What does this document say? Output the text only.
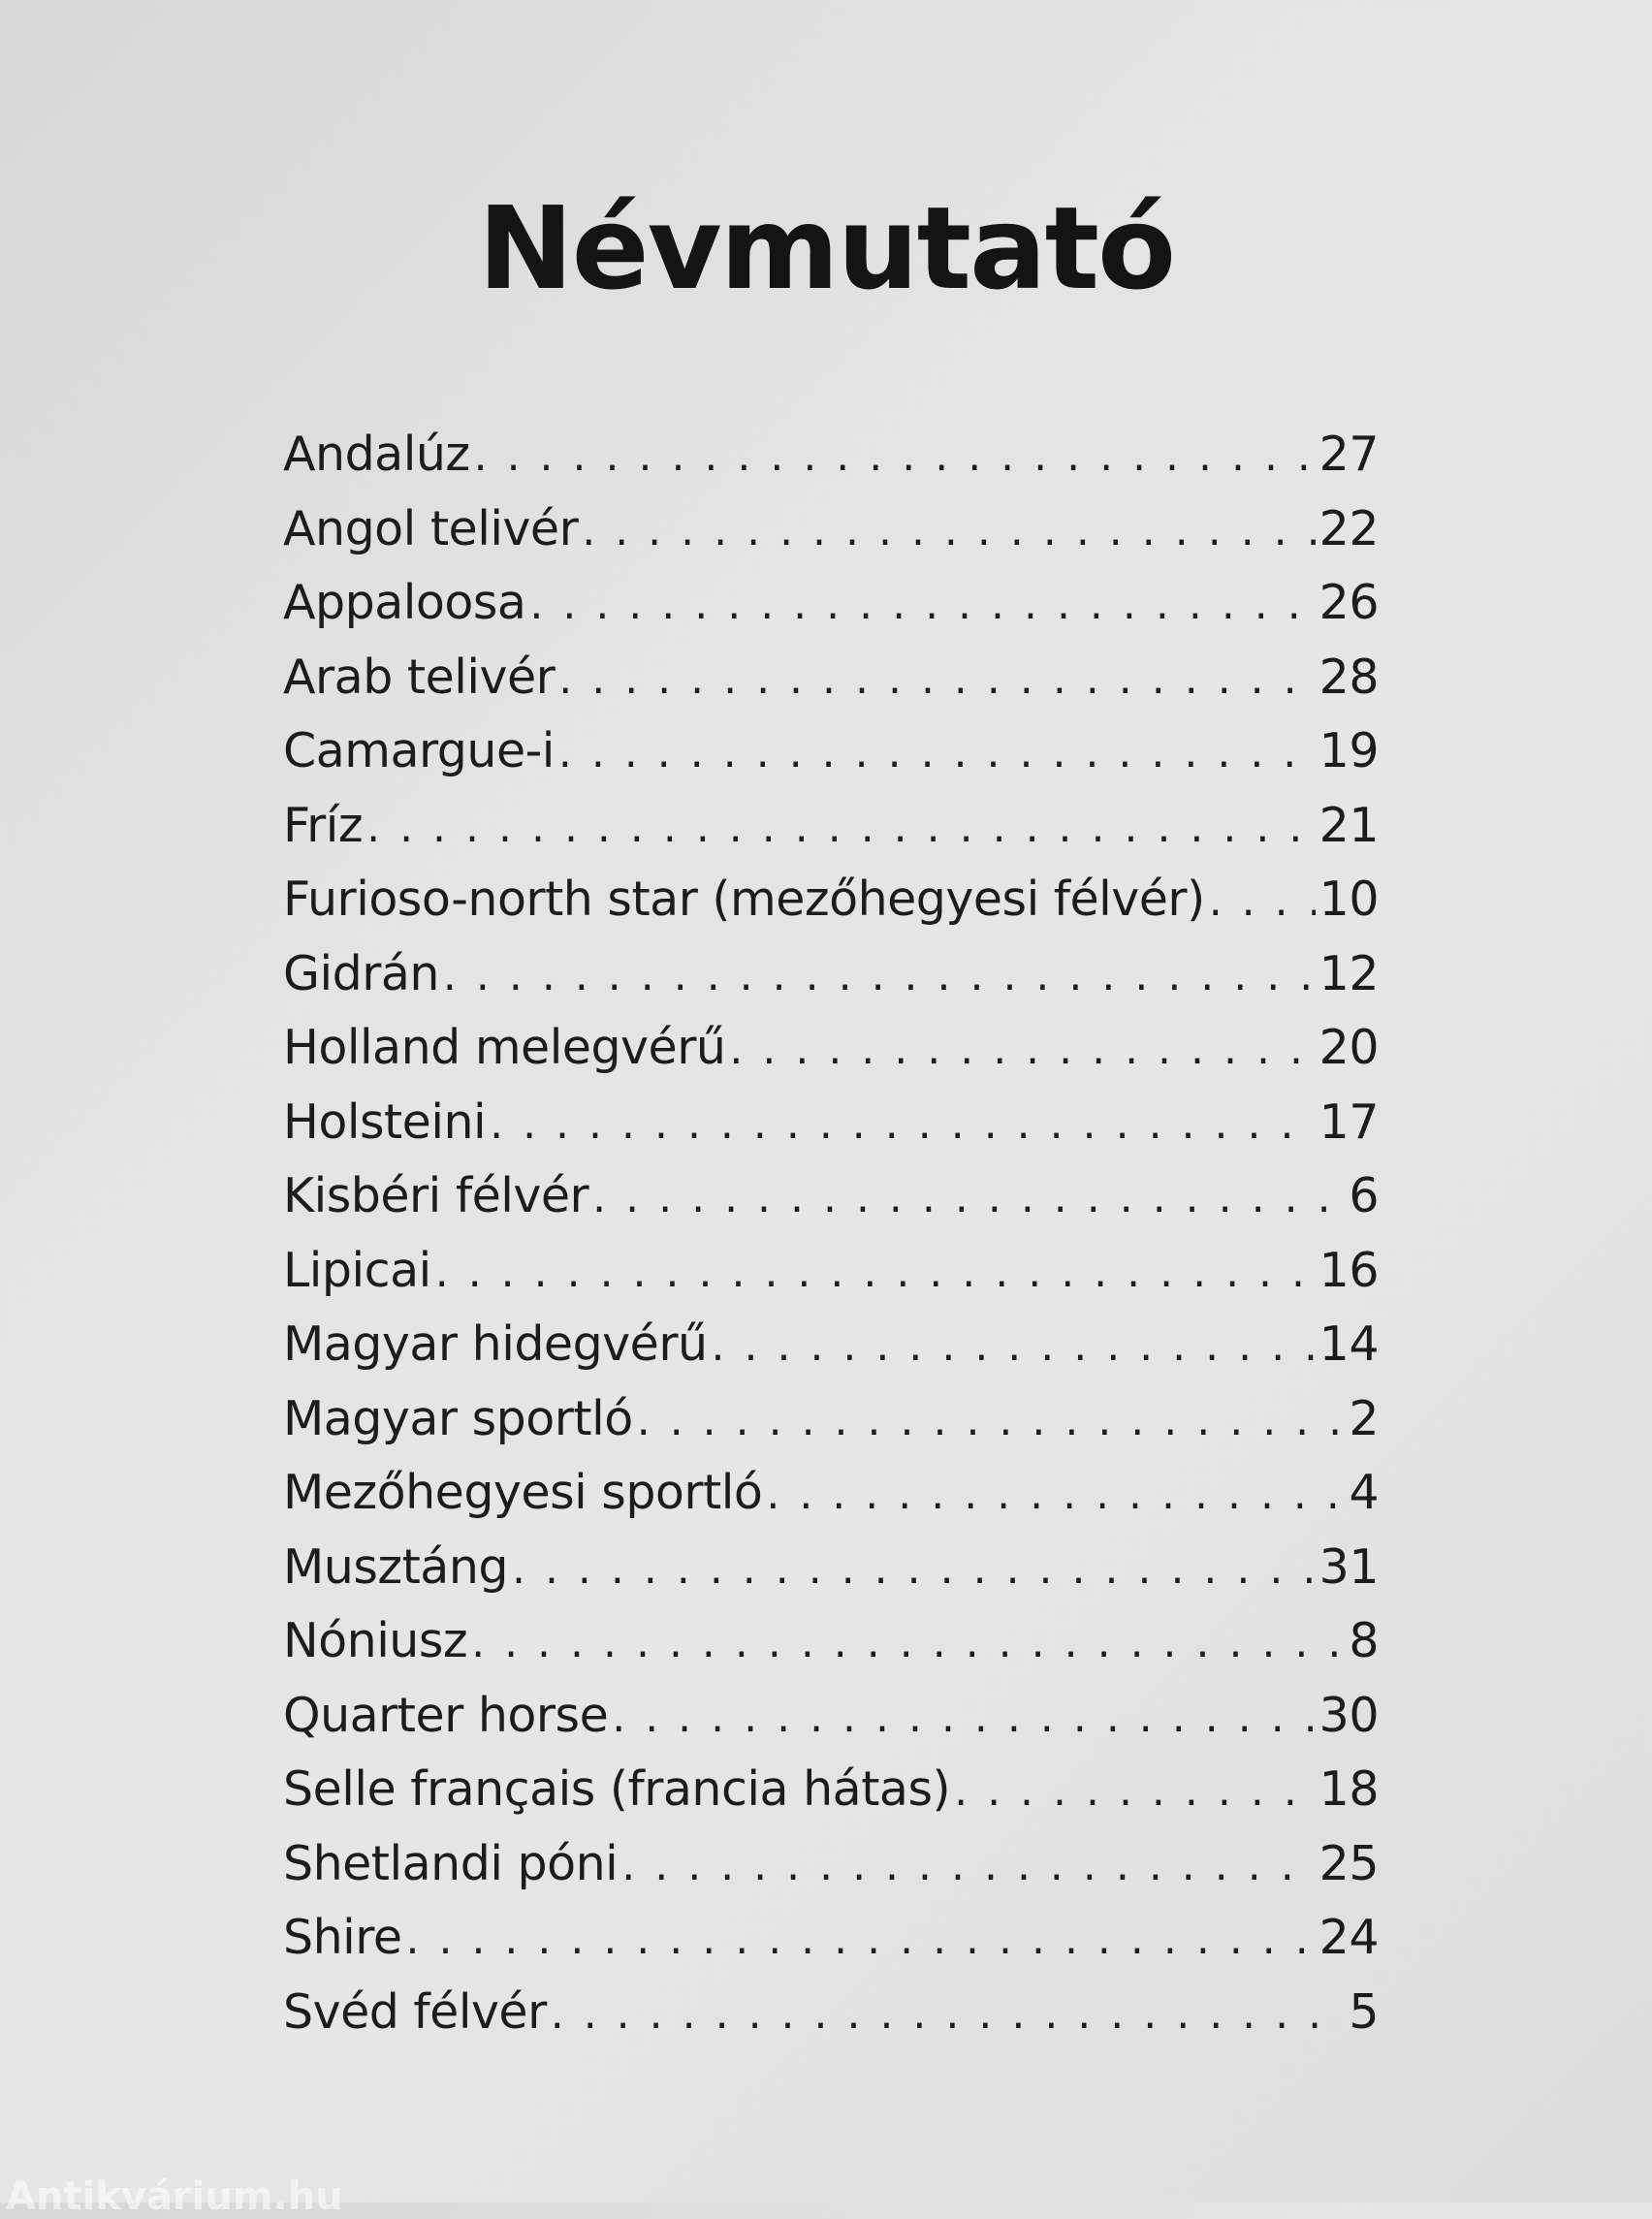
Névmutató
Andalúz . . .	27
Angol telivér . . .	22
Appaloosa . . .	26
Arab telivér . . .	28
Camargue-i . . .	19
Fríz . . .	21
Furioso-north star (mezőhegyesi félvér) . . . 10
Gidrán . . .	12
Holland melegvérű . . .	20
Holsteini . . .	17
Kisbéri félvér . . .	6
Lipicai . . .	16
Magyar hidegvérű . . .	14
Magyar sportló . . .	2
Mezőhegyesi sportló . . .	4
Musztáng . . .	31
Nóniusz . . .	8
Quarter horse . . .	30
Selle français (francia hátas) . . .	18
Shetlandi póni . . .	25
Shire . . .	24
Svéd félvér . . .	5
Antikvárium.hu
